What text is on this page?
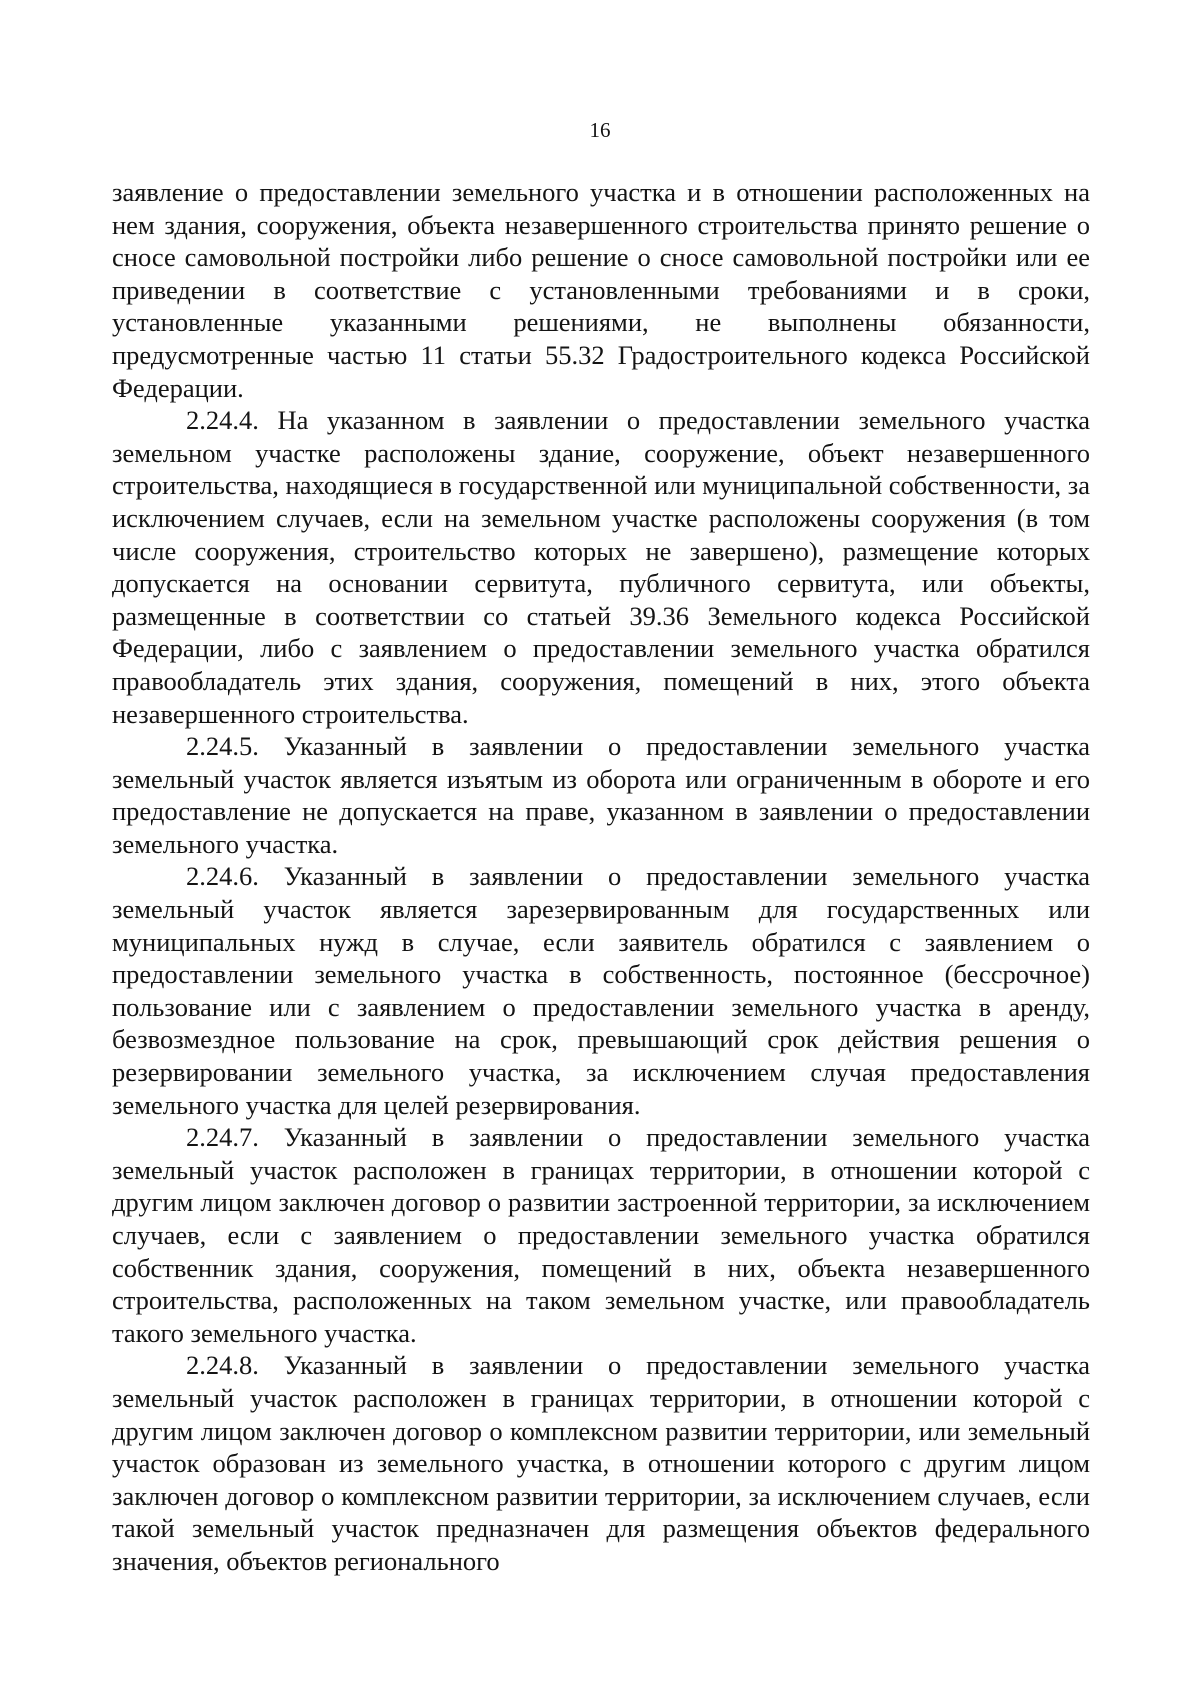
16

заявление о предоставлении земельного участка и в отношении расположенных на нем здания, сооружения, объекта незавершенного строительства принято решение о сносе самовольной постройки либо решение о сносе самовольной постройки или ее приведении в соответствие с установленными требованиями и в сроки, установленные указанными решениями, не выполнены обязанности, предусмотренные частью 11 статьи 55.32 Градостроительного кодекса Российской Федерации.

2.24.4. На указанном в заявлении о предоставлении земельного участка земельном участке расположены здание, сооружение, объект незавершенного строительства, находящиеся в государственной или муниципальной собственности, за исключением случаев, если на земельном участке расположены сооружения (в том числе сооружения, строительство которых не завершено), размещение которых допускается на основании сервитута, публичного сервитута, или объекты, размещенные в соответствии со статьей 39.36 Земельного кодекса Российской Федерации, либо с заявлением о предоставлении земельного участка обратился правообладатель этих здания, сооружения, помещений в них, этого объекта незавершенного строительства.

2.24.5. Указанный в заявлении о предоставлении земельного участка земельный участок является изъятым из оборота или ограниченным в обороте и его предоставление не допускается на праве, указанном в заявлении о предоставлении земельного участка.

2.24.6. Указанный в заявлении о предоставлении земельного участка земельный участок является зарезервированным для государственных или муниципальных нужд в случае, если заявитель обратился с заявлением о предоставлении земельного участка в собственность, постоянное (бессрочное) пользование или с заявлением о предоставлении земельного участка в аренду, безвозмездное пользование на срок, превышающий срок действия решения о резервировании земельного участка, за исключением случая предоставления земельного участка для целей резервирования.

2.24.7. Указанный в заявлении о предоставлении земельного участка земельный участок расположен в границах территории, в отношении которой с другим лицом заключен договор о развитии застроенной территории, за исключением случаев, если с заявлением о предоставлении земельного участка обратился собственник здания, сооружения, помещений в них, объекта незавершенного строительства, расположенных на таком земельном участке, или правообладатель такого земельного участка.

2.24.8. Указанный в заявлении о предоставлении земельного участка земельный участок расположен в границах территории, в отношении которой с другим лицом заключен договор о комплексном развитии территории, или земельный участок образован из земельного участка, в отношении которого с другим лицом заключен договор о комплексном развитии территории, за исключением случаев, если такой земельный участок предназначен для размещения объектов федерального значения, объектов регионального
